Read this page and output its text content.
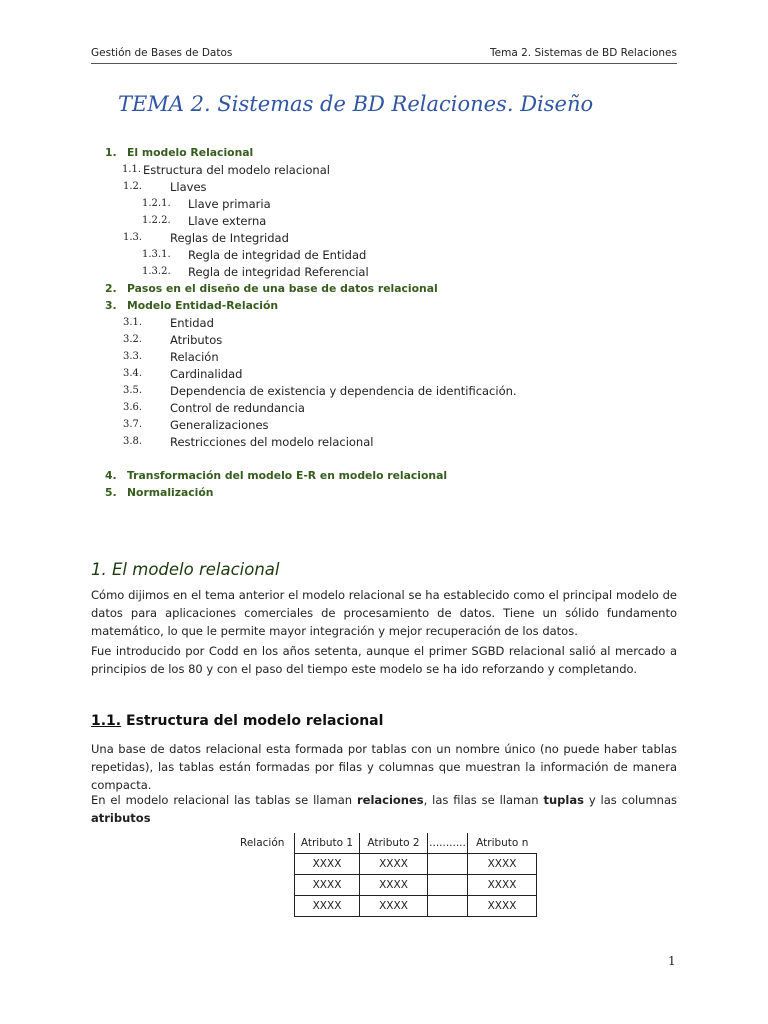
Gestión de Bases de Datos	Tema 2. Sistemas de BD Relaciones
TEMA 2. Sistemas de BD Relaciones. Diseño
1. El modelo Relacional
1.1. Estructura del modelo relacional
1.2. Llaves
1.2.1. Llave primaria
1.2.2. Llave externa
1.3. Reglas de Integridad
1.3.1. Regla de integridad de Entidad
1.3.2. Regla de integridad Referencial
2. Pasos en el diseño de una base de datos relacional
3. Modelo Entidad-Relación
3.1. Entidad
3.2. Atributos
3.3. Relación
3.4. Cardinalidad
3.5. Dependencia de existencia y dependencia de identificación.
3.6. Control de redundancia
3.7. Generalizaciones
3.8. Restricciones del modelo relacional
4. Transformación del modelo E-R en modelo relacional
5. Normalización
1. El modelo relacional

Cómo dijimos en el tema anterior el modelo relacional se ha establecido como el principal modelo de datos para aplicaciones comerciales de procesamiento de datos. Tiene un sólido fundamento matemático, lo que le permite mayor integración y mejor recuperación de los datos.

Fue introducido por Codd en los años setenta, aunque el primer SGBD relacional salió al mercado a principios de los 80 y con el paso del tiempo este modelo se ha ido reforzando y completando.

1.1. Estructura del modelo relacional

Una base de datos relacional esta formada por tablas con un nombre único (no puede haber tablas repetidas), las tablas están formadas por filas y columnas que muestran la información de manera compacta.

En el modelo relacional las tablas se llaman relaciones, las filas se llaman tuplas y las columnas atributos

Relación	Atributo 1	Atributo 2	...........	Atributo n
	XXXX	XXXX		XXXX
	XXXX	XXXX		XXXX
	XXXX	XXXX		XXXX
1
